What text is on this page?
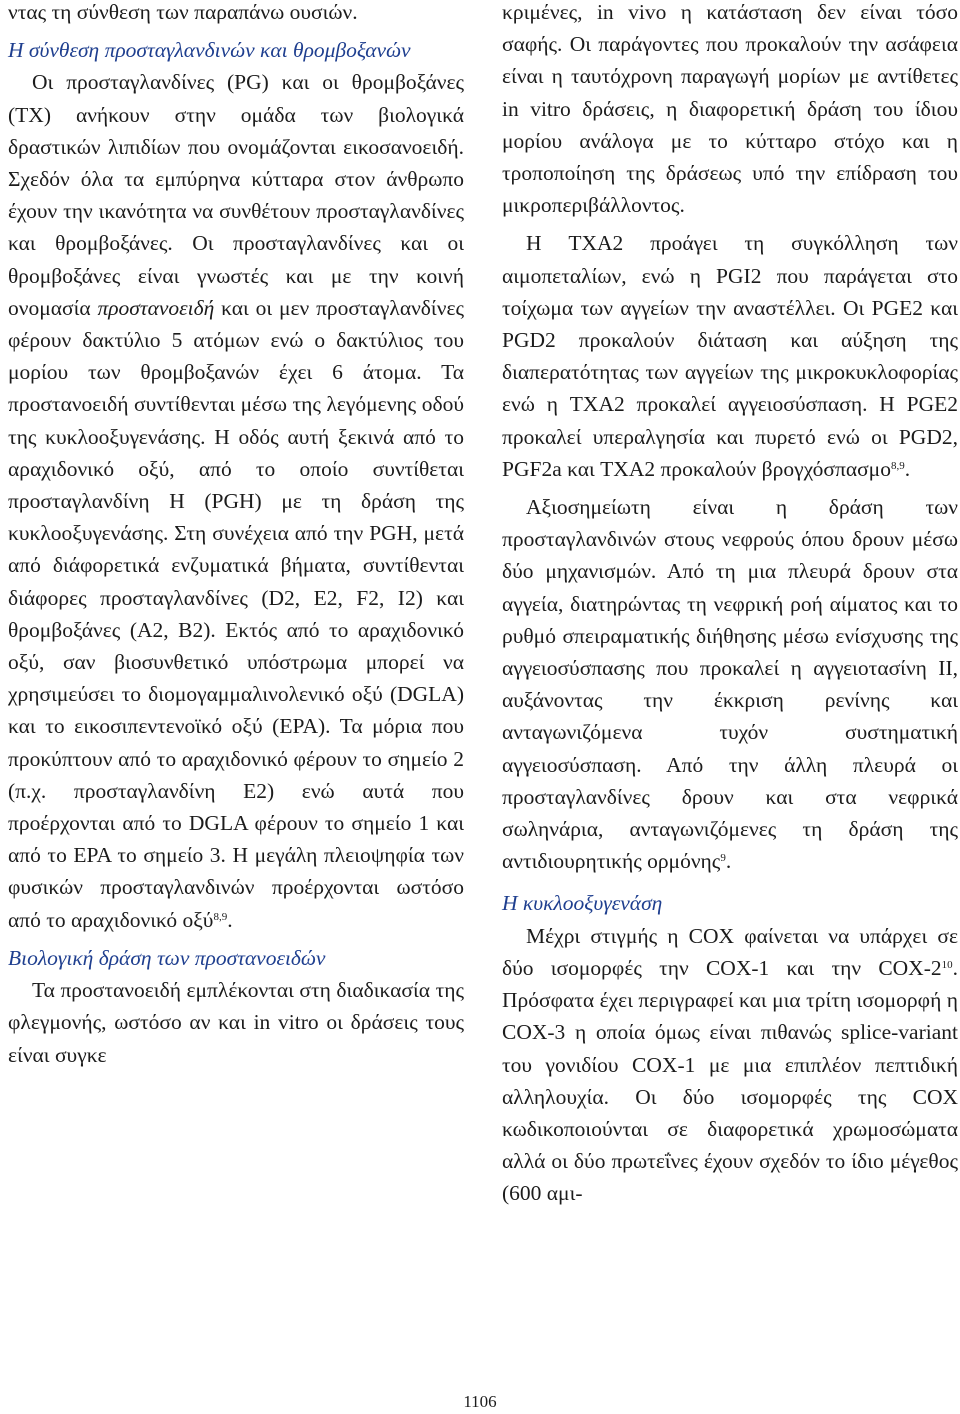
ντας τη σύνθεση των παραπάνω ουσιών.

Η σύνθεση προσταγλανδινών και θρομβοξανών

Οι προσταγλανδίνες (PG) και οι θρομβοξάνες (TX) ανήκουν στην ομάδα των βιολογικά δραστικών λιπιδίων που ονομάζονται εικοσανοειδή. Σχεδόν όλα τα εμπύρηνα κύτταρα στον άνθρωπο έχουν την ικανότητα να συνθέτουν προσταγλανδίνες και θρομβοξάνες. Οι προσταγλανδίνες και οι θρομβοξάνες είναι γνωστές και με την κοινή ονομασία προστανοειδή και οι μεν προσταγλανδίνες φέρουν δακτύλιο 5 ατόμων ενώ ο δακτύλιος του μορίου των θρομβοξανών έχει 6 άτομα. Τα προστανοειδή συντίθενται μέσω της λεγόμενης οδού της κυκλοοξυγενάσης. Η οδός αυτή ξεκινά από το αραχιδονικό οξύ, από το οποίο συντίθεται προσταγλανδίνη H (PGH) με τη δράση της κυκλοοξυγενάσης. Στη συνέχεια από την PGH, μετά από διάφορετικά ενζυματικά βήματα, συντίθενται διάφορες προσταγλανδίνες (D2, E2, F2, I2) και θρομβοξάνες (Α2, Β2). Εκτός από το αραχιδονικό οξύ, σαν βιοσυνθετικό υπόστρωμα μπορεί να χρησιμεύσει το διομογαμμαλινολενικό οξύ (DGLA) και το εικοσιπεντενοϊκό οξύ (EPA). Τα μόρια που προκύπτουν από το αραχιδονικό φέρουν το σημείο 2 (π.χ. προσταγλανδίνη E2) ενώ αυτά που προέρχονται από το DGLA φέρουν το σημείο 1 και από το EPA το σημείο 3. Η μεγάλη πλειοψηφία των φυσικών προσταγλανδινών προέρχονται ωστόσο από το αραχιδονικό οξύ$^{8,9}$.

Βιολογική δράση των προστανοειδών

Τα προστανοειδή εμπλέκονται στη διαδικασία της φλεγμονής, ωστόσο αν και in vitro οι δράσεις τους είναι συγκε

κριμένες, in vivo η κατάσταση δεν είναι τόσο σαφής. Οι παράγοντες που προκαλούν την ασάφεια είναι η ταυτόχρονη παραγωγή μορίων με αντίθετες in vitro δράσεις, η διαφορετική δράση του ίδιου μορίου ανάλογα με το κύτταρο στόχο και η τροποποίηση της δράσεως υπό την επίδραση του μικροπεριβάλλοντος.

Η TXA2 προάγει τη συγκόλληση των αιμοπεταλίων, ενώ η PGI2 που παράγεται στο τοίχωμα των αγγείων την αναστέλλει. Οι PGE2 και PGD2 προκαλούν διάταση και αύξηση της διαπερατότητας των αγγείων της μικροκυκλοφορίας ενώ η TXA2 προκαλεί αγγειοσύσπαση. Η PGE2 προκαλεί υπεραλγησία και πυρετό ενώ οι PGD2, PGF2a και TXA2 προκαλούν βρογχόσπασμο$^{8,9}$.

Αξιοσημείωτη είναι η δράση των προσταγλανδινών στους νεφρούς όπου δρουν μέσω δύο μηχανισμών. Από τη μια πλευρά δρουν στα αγγεία, διατηρώντας τη νεφρική ροή αίματος και το ρυθμό σπειραματικής διήθησης μέσω ενίσχυσης της αγγειοσύσπασης που προκαλεί η αγγειοτασίνη II, αυξάνοντας την έκκριση ρενίνης και ανταγωνιζόμενα τυχόν συστηματική αγγειοσύσπαση. Από την άλλη πλευρά οι προσταγλανδίνες δρουν και στα νεφρικά σωληνάρια, ανταγωνιζόμενες τη δράση της αντιδιουρητικής ορμόνης$^9$.

Η κυκλοοξυγενάση

Μέχρι στιγμής η COX φαίνεται να υπάρχει σε δύο ισομορφές την COX-1 και την COX-$2^{10}$. Πρόσφατα έχει περιγραφεί και μια τρίτη ισομορφή η COX-3 η οποία όμως είναι πιθανώς splice-variant του γονιδίου COX-1 με μια επιπλέον πεπτιδική αλληλουχία. Οι δύο ισομορφές της COX κωδικοποιούνται σε διαφορετικά χρωμοσώματα αλλά οι δύο πρωτεΐνες έχουν σχεδόν το ίδιο μέγεθος (600 αμι-

1106
